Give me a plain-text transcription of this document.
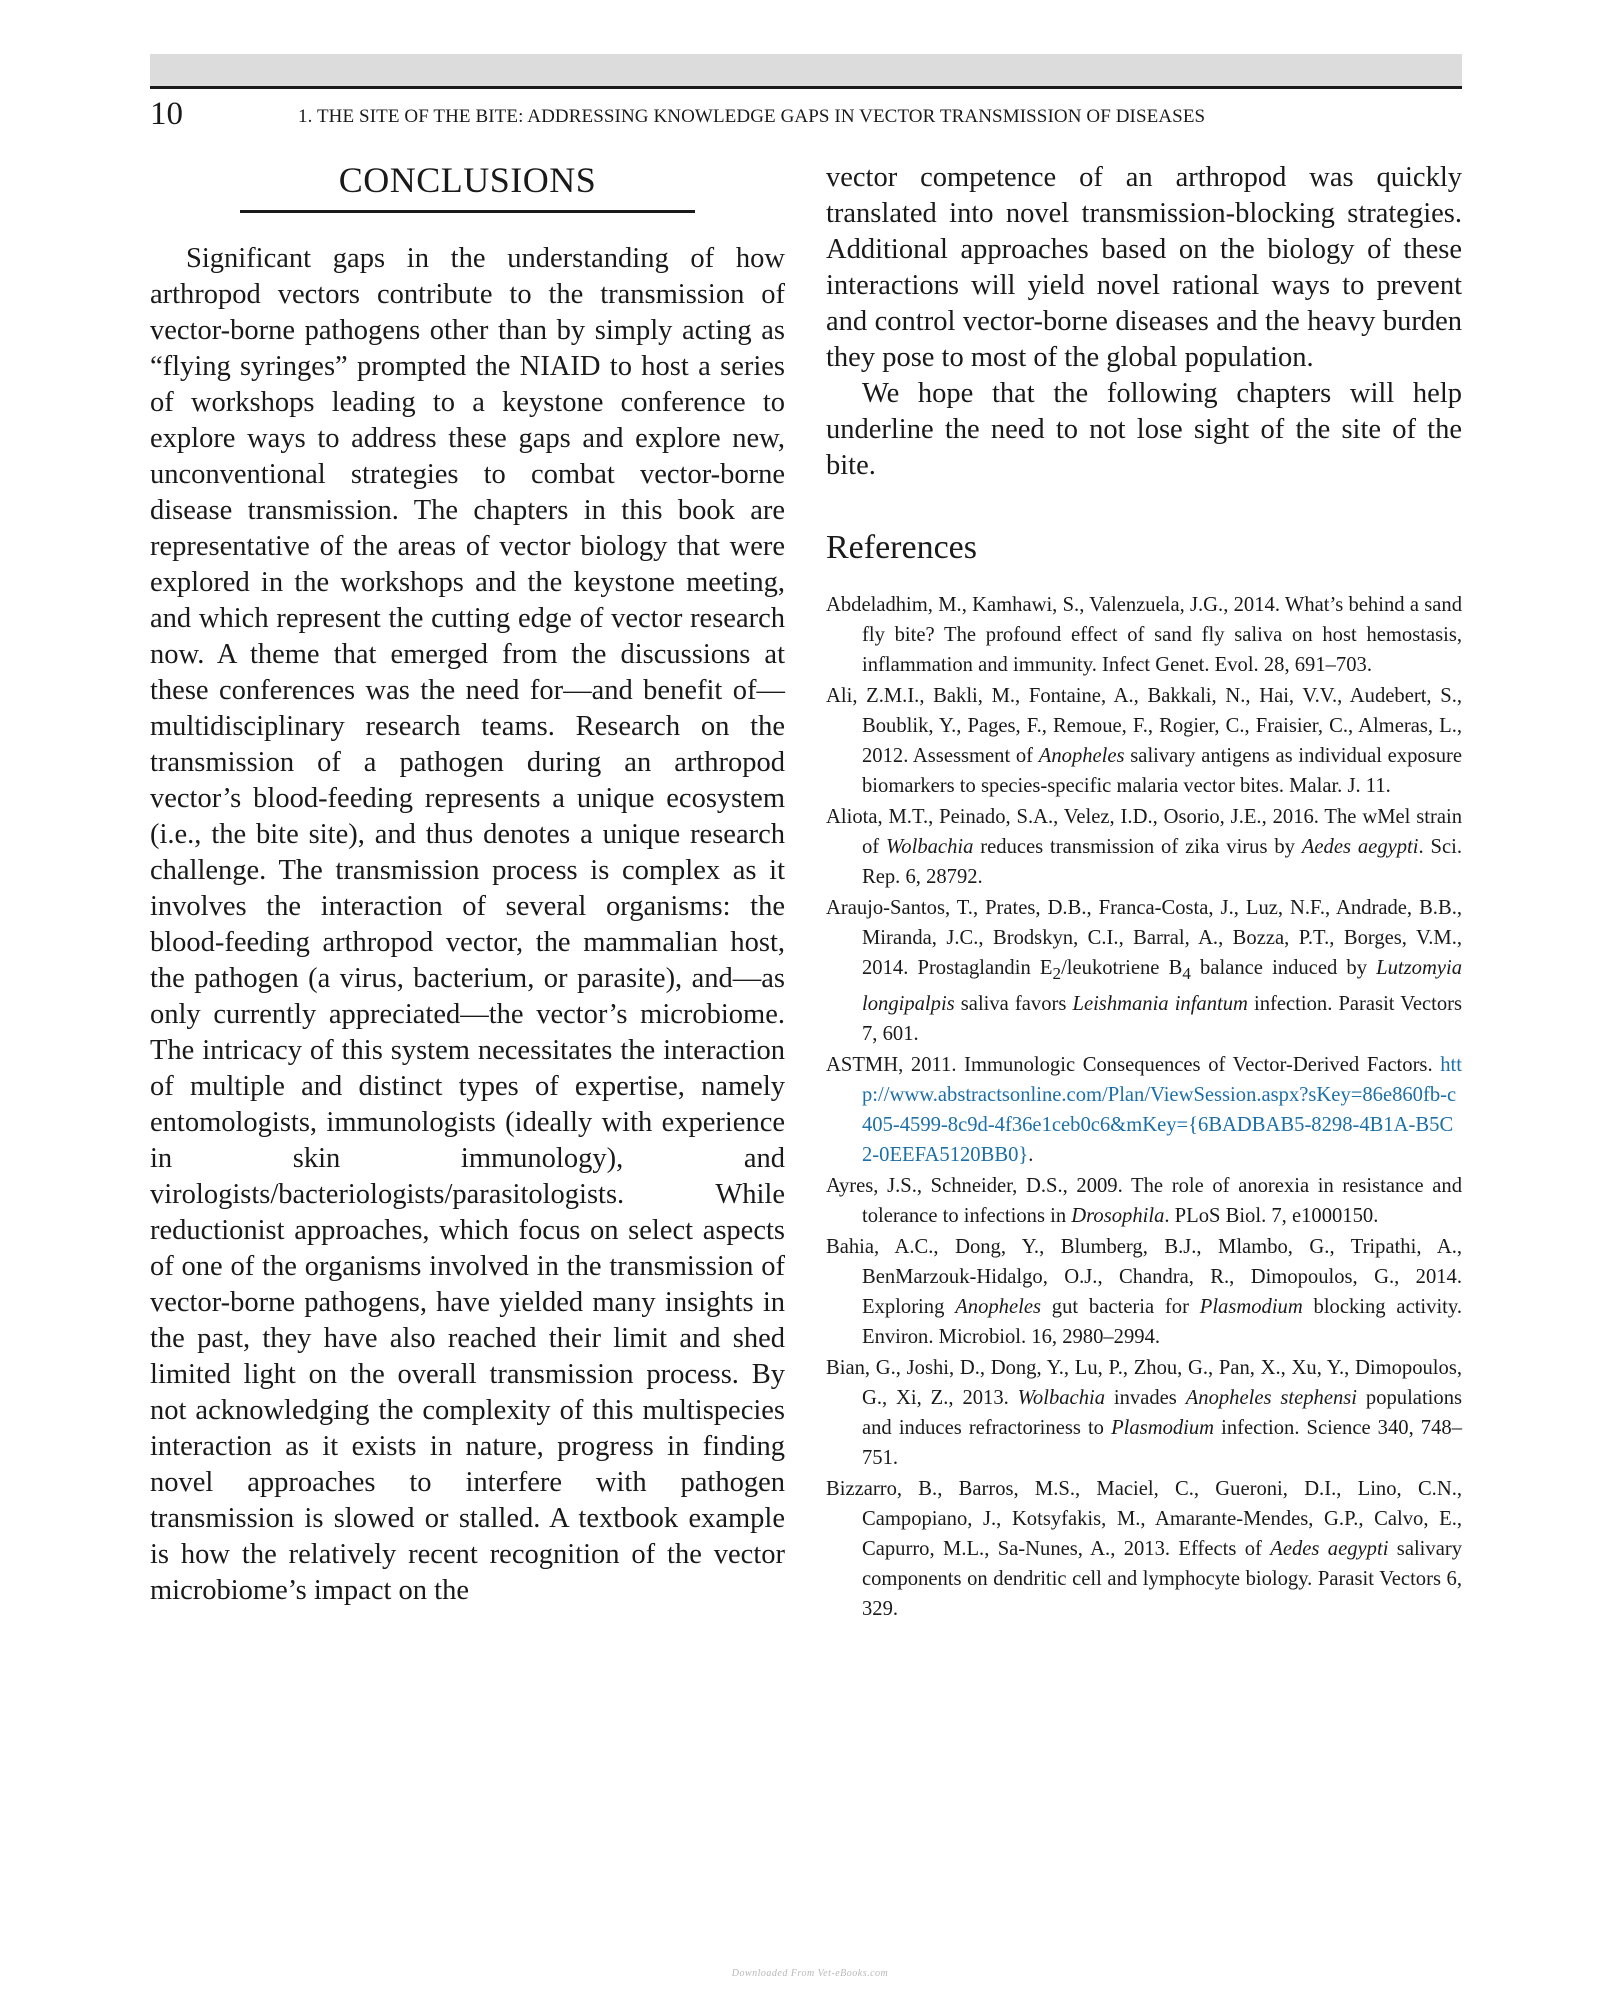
10	1. THE SITE OF THE BITE: ADDRESSING KNOWLEDGE GAPS IN VECTOR TRANSMISSION OF DISEASES
CONCLUSIONS

Significant gaps in the understanding of how arthropod vectors contribute to the transmission of vector-borne pathogens other than by simply acting as “flying syringes” prompted the NIAID to host a series of workshops leading to a keystone conference to explore ways to address these gaps and explore new, unconventional strategies to combat vector-borne disease transmission. The chapters in this book are representative of the areas of vector biology that were explored in the workshops and the keystone meeting, and which represent the cutting edge of vector research now. A theme that emerged from the discussions at these conferences was the need for—and benefit of—multidisciplinary research teams. Research on the transmission of a pathogen during an arthropod vector’s blood-feeding represents a unique ecosystem (i.e., the bite site), and thus denotes a unique research challenge. The transmission process is complex as it involves the interaction of several organisms: the blood-feeding arthropod vector, the mammalian host, the pathogen (a virus, bacterium, or parasite), and—as only currently appreciated—the vector’s microbiome. The intricacy of this system necessitates the interaction of multiple and distinct types of expertise, namely entomologists, immunologists (ideally with experience in skin immunology), and virologists/bacteriologists/parasitologists. While reductionist approaches, which focus on select aspects of one of the organisms involved in the transmission of vector-borne pathogens, have yielded many insights in the past, they have also reached their limit and shed limited light on the overall transmission process. By not acknowledging the complexity of this multispecies interaction as it exists in nature, progress in finding novel approaches to interfere with pathogen transmission is slowed or stalled. A textbook example is how the relatively recent recognition of the vector microbiome’s impact on the

vector competence of an arthropod was quickly translated into novel transmission-blocking strategies. Additional approaches based on the biology of these interactions will yield novel rational ways to prevent and control vector-borne diseases and the heavy burden they pose to most of the global population.

We hope that the following chapters will help underline the need to not lose sight of the site of the bite.

References
Abdeladhim, M., Kamhawi, S., Valenzuela, J.G., 2014. What’s behind a sand fly bite? The profound effect of sand fly saliva on host hemostasis, inflammation and immunity. Infect Genet. Evol. 28, 691–703.
Ali, Z.M.I., Bakli, M., Fontaine, A., Bakkali, N., Hai, V.V., Audebert, S., Boublik, Y., Pages, F., Remoue, F., Rogier, C., Fraisier, C., Almeras, L., 2012. Assessment of Anopheles salivary antigens as individual exposure biomarkers to species-specific malaria vector bites. Malar. J. 11.
Aliota, M.T., Peinado, S.A., Velez, I.D., Osorio, J.E., 2016. The wMel strain of Wolbachia reduces transmission of zika virus by Aedes aegypti. Sci. Rep. 6, 28792.
Araujo-Santos, T., Prates, D.B., Franca-Costa, J., Luz, N.F., Andrade, B.B., Miranda, J.C., Brodskyn, C.I., Barral, A., Bozza, P.T., Borges, V.M., 2014. Prostaglandin $E_2$/leukotriene $B_4$ balance induced by Lutzomyia longipalpis saliva favors Leishmania infantum infection. Parasit Vectors 7, 601.
ASTMH, 2011. Immunologic Consequences of Vector-Derived Factors. http://www.abstractsonline.com/Plan/ViewSession.aspx?sKey=86e860fb-c405-4599-8c9d-4f36e1ceb0c6&mKey={6BADBAB5-8298-4B1A-B5C2-0EEFA5120BB0}.
Ayres, J.S., Schneider, D.S., 2009. The role of anorexia in resistance and tolerance to infections in Drosophila. PLoS Biol. 7, e1000150.
Bahia, A.C., Dong, Y., Blumberg, B.J., Mlambo, G., Tripathi, A., BenMarzouk-Hidalgo, O.J., Chandra, R., Dimopoulos, G., 2014. Exploring Anopheles gut bacteria for Plasmodium blocking activity. Environ. Microbiol. 16, 2980–2994.
Bian, G., Joshi, D., Dong, Y., Lu, P., Zhou, G., Pan, X., Xu, Y., Dimopoulos, G., Xi, Z., 2013. Wolbachia invades Anopheles stephensi populations and induces refractoriness to Plasmodium infection. Science 340, 748–751.
Bizzarro, B., Barros, M.S., Maciel, C., Gueroni, D.I., Lino, C.N., Campopiano, J., Kotsyfakis, M., Amarante-Mendes, G.P., Calvo, E., Capurro, M.L., Sa-Nunes, A., 2013. Effects of Aedes aegypti salivary components on dendritic cell and lymphocyte biology. Parasit Vectors 6, 329.
Downloaded From Vet-eBooks.com
